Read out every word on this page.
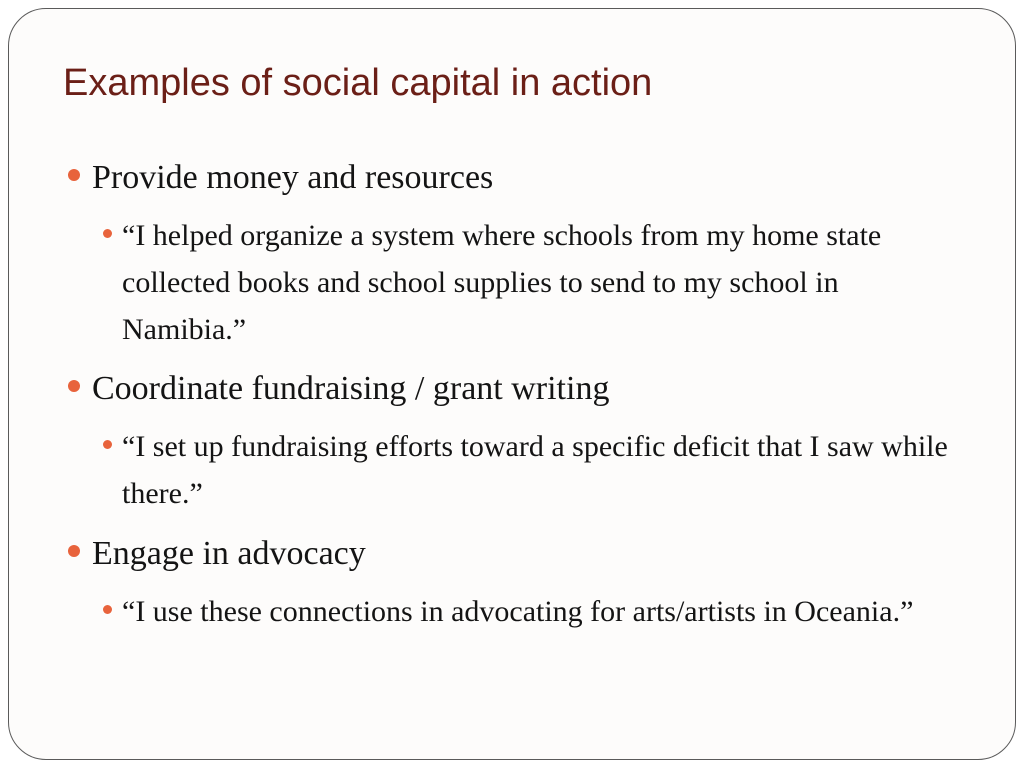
Examples of social capital in action
Provide money and resources
“I helped organize a system where schools from my home state collected books and school supplies to send to my school in Namibia.”
Coordinate fundraising / grant writing
“I set up fundraising efforts toward a specific deficit that I saw while there.”
Engage in advocacy
“I use these connections in advocating for arts/artists in Oceania.”
